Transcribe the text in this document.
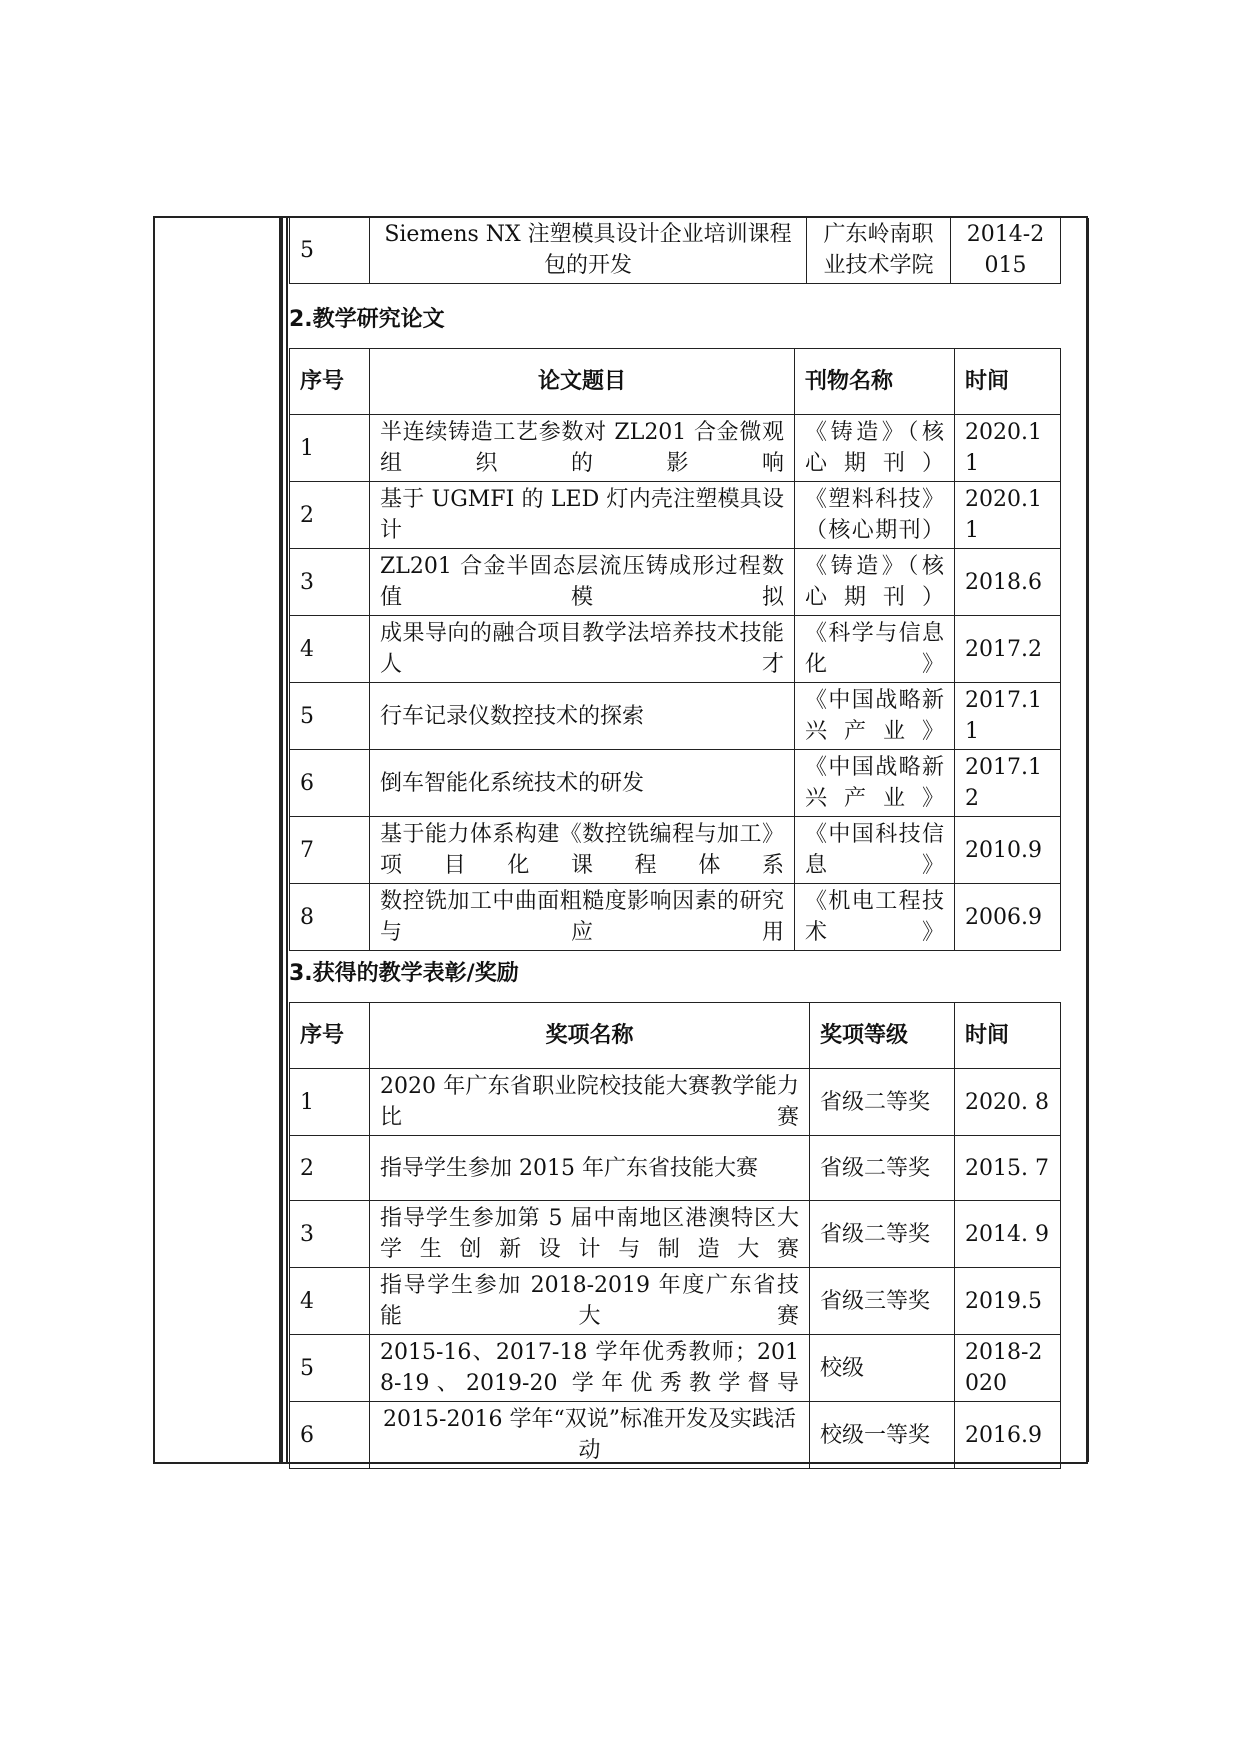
5	Siemens NX 注塑模具设计企业培训课程包的开发	广东岭南职业技术学院	2014-2015
2.教学研究论文
序号	论文题目	刊物名称	时间
1	半连续铸造工艺参数对 ZL201 合金微观组织的影响	《铸造》（核心期刊）	2020.11
2	基于 UGMFI 的 LED 灯内壳注塑模具设计	《塑料科技》（核心期刊）	2020.11
3	ZL201 合金半固态层流压铸成形过程数值模拟	《铸造》（核心期刊）	2018.6
4	成果导向的融合项目教学法培养技术技能人才	《科学与信息化》	2017.2
5	行车记录仪数控技术的探索	《中国战略新兴产业》	2017.11
6	倒车智能化系统技术的研发	《中国战略新兴产业》	2017.12
7	基于能力体系构建《数控铣编程与加工》项目化课程体系	《中国科技信息》	2010.9
8	数控铣加工中曲面粗糙度影响因素的研究与应用	《机电工程技术》	2006.9
3.获得的教学表彰/奖励
序号	奖项名称	奖项等级	时间
1	2020 年广东省职业院校技能大赛教学能力比赛	省级二等奖	2020. 8
2	指导学生参加 2015 年广东省技能大赛	省级二等奖	2015. 7
3	指导学生参加第 5 届中南地区港澳特区大学生创新设计与制造大赛	省级二等奖	2014. 9
4	指导学生参加 2018-2019 年度广东省技能大赛	省级三等奖	2019.5
5	2015-16、2017-18 学年优秀教师；2018-19、2019-20 学年优秀教学督导	校级	2018-2020
6	2015-2016 学年“双说”标准开发及实践活动	校级一等奖	2016.9
